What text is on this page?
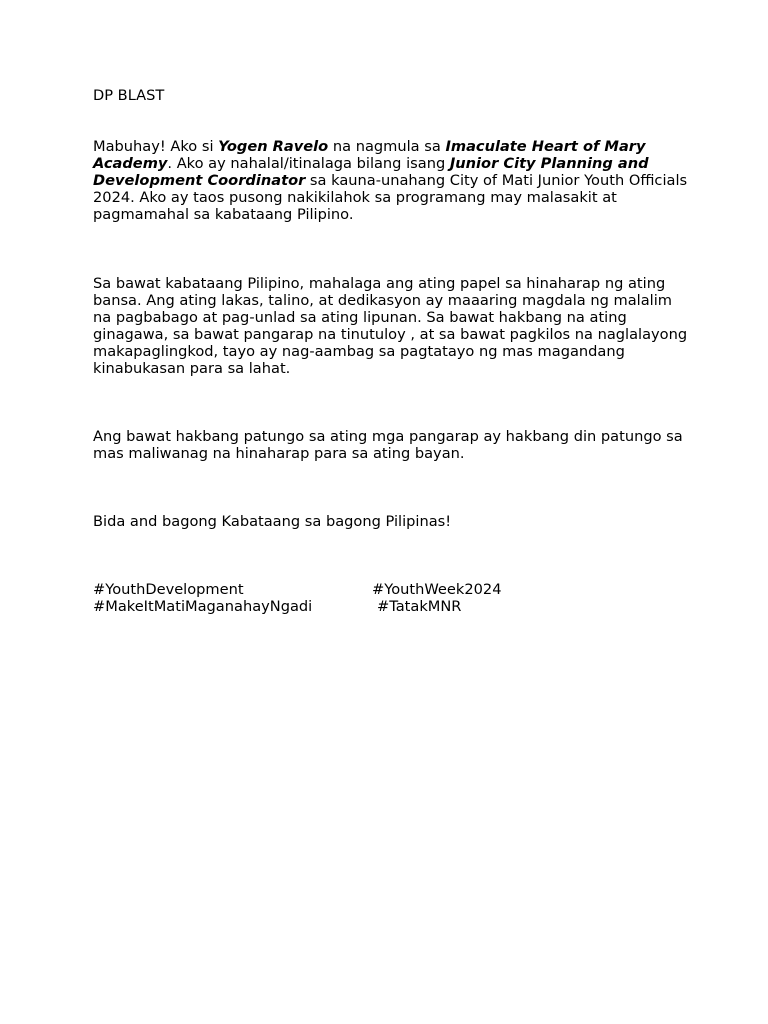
DP BLAST

Mabuhay! Ako si Yogen Ravelo na nagmula sa Imaculate Heart of Mary Academy. Ako ay nahalal/itinalaga bilang isang Junior City Planning and Development Coordinator sa kauna-unahang City of Mati Junior Youth Officials 2024. Ako ay taos pusong nakikilahok sa programang may malasakit at pagmamahal sa kabataang Pilipino.

Sa bawat kabataang Pilipino, mahalaga ang ating papel sa hinaharap ng ating bansa. Ang ating lakas, talino, at dedikasyon ay maaaring magdala ng malalim na pagbabago at pag-unlad sa ating lipunan. Sa bawat hakbang na ating ginagawa, sa bawat pangarap na tinutuloy , at sa bawat pagkilos na naglalayong makapaglingkod, tayo ay nag-aambag sa pagtatayo ng mas magandang kinabukasan para sa lahat.

Ang bawat hakbang patungo sa ating mga pangarap ay hakbang din patungo sa mas maliwanag na hinaharap para sa ating bayan.

Bida and bagong Kabataang sa bagong Pilipinas!

#YouthDevelopment	#YouthWeek2024
#MakeItMatiMaganahayNgadi	#TatakMNR
